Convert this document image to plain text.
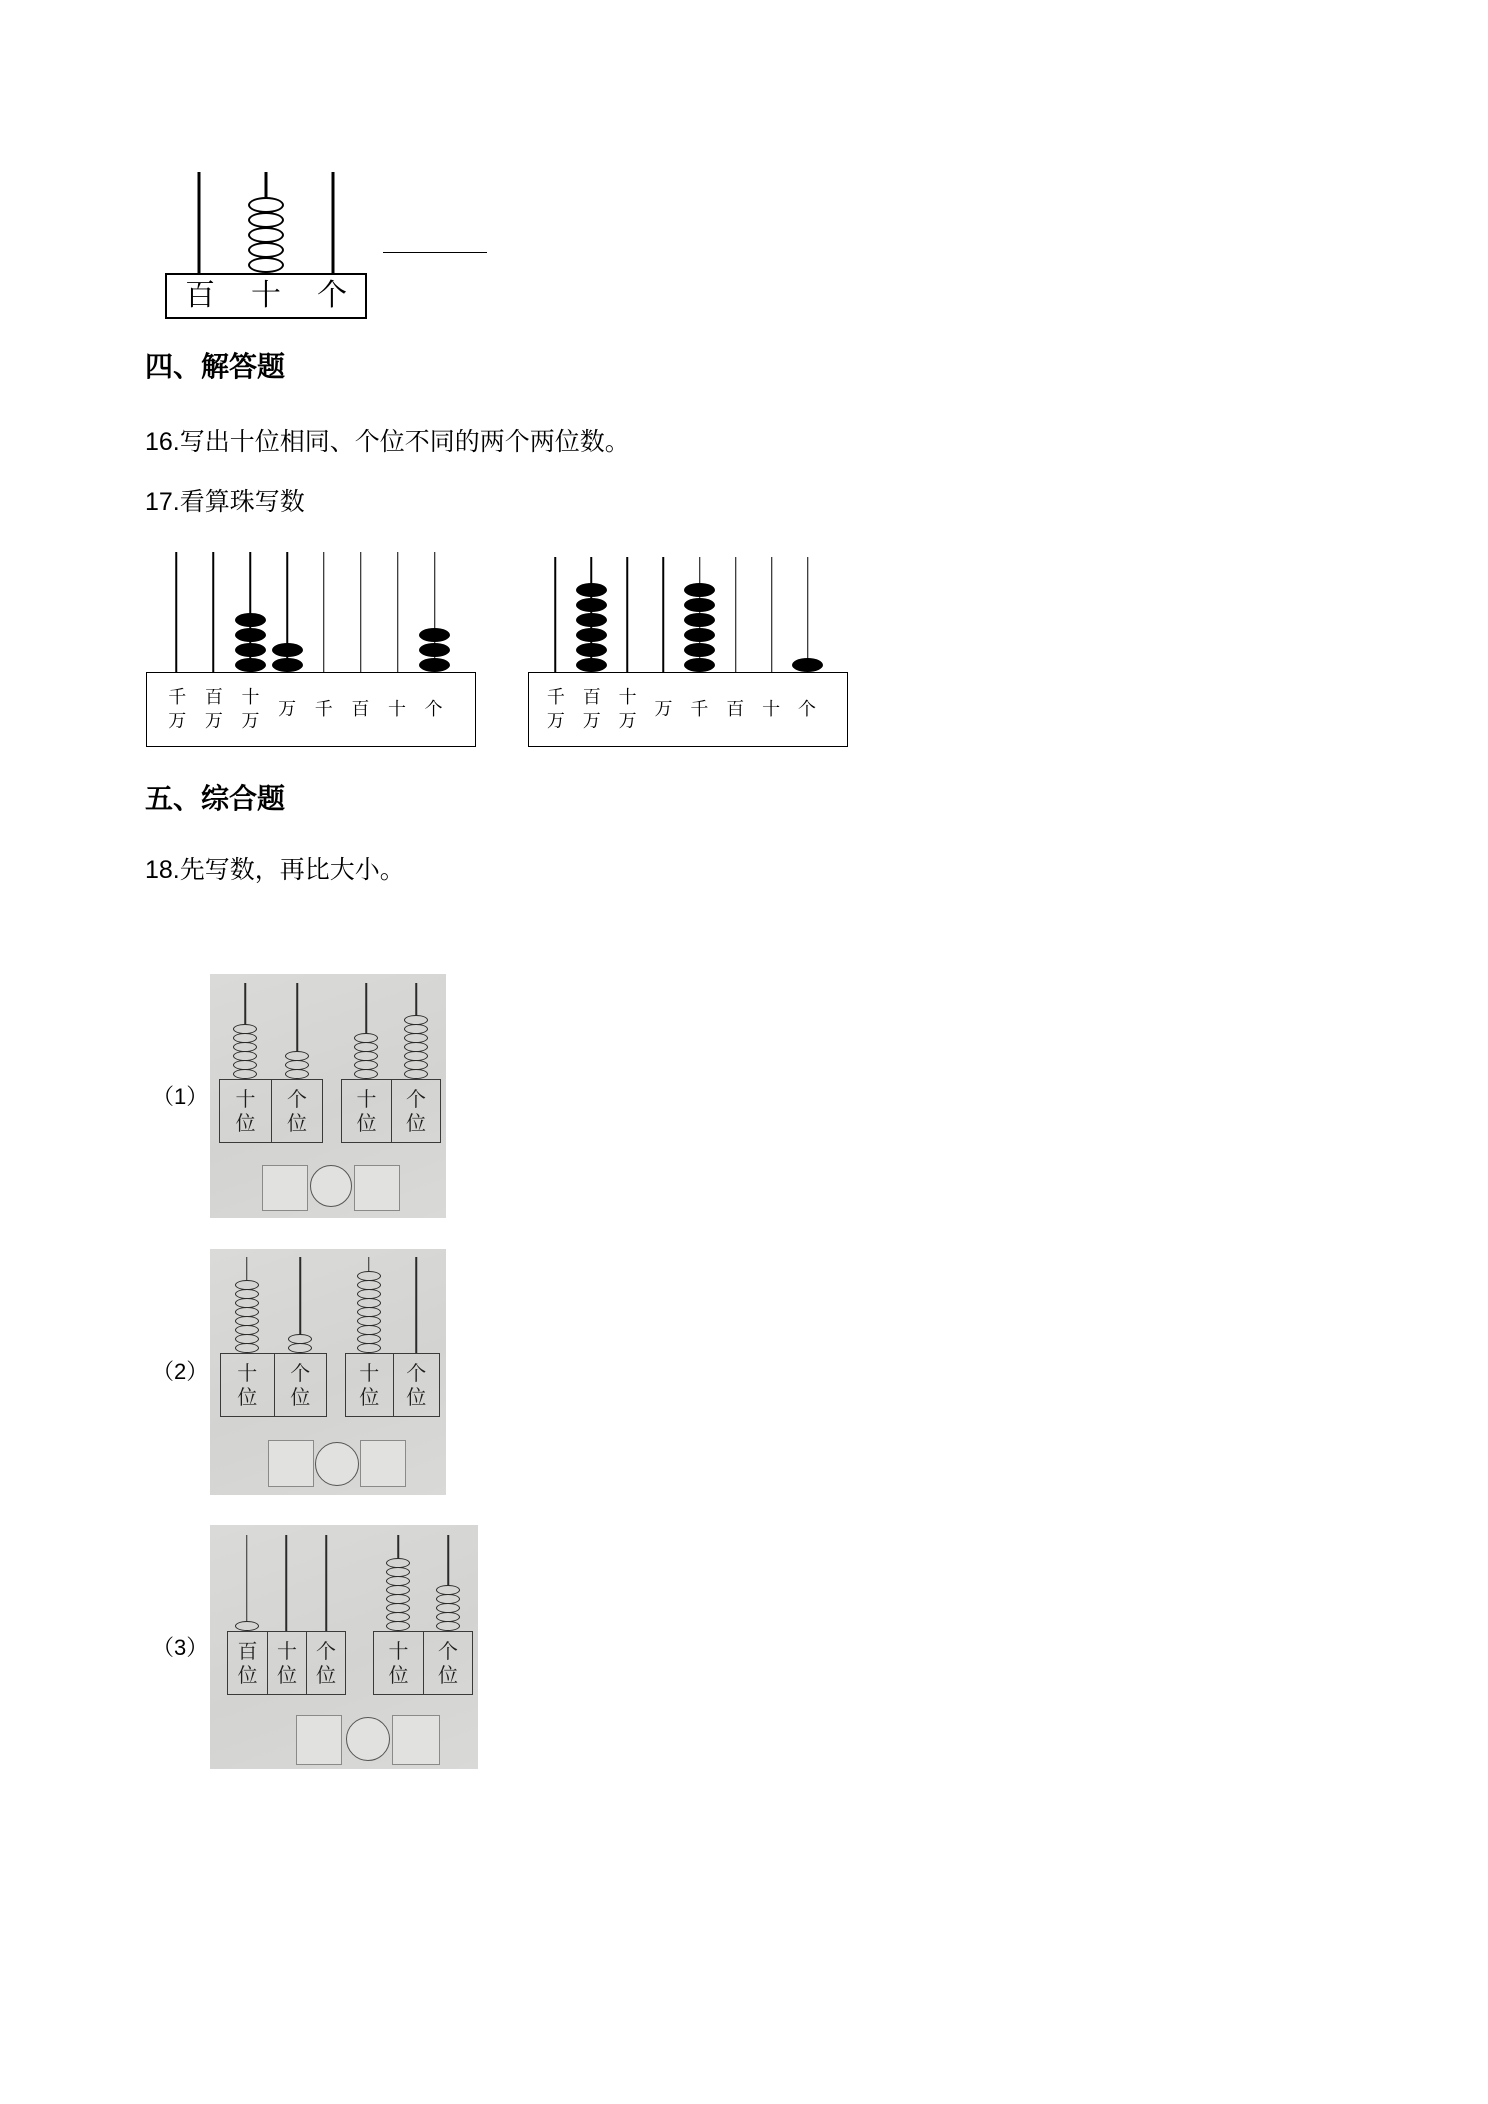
百 十 个
四、解答题
16.写出十位相同、个位不同的两个两位数。
17.看算珠写数
千万
百万
十万
万 千 百 十 个
千万
百万
十万
万 千 百 十 个
五、综合题
18.先写数，再比大小。
（1） 十位
个位
十位
个位
（2） 十位
个位
十位
个位
（3） 百位
十位
个位
十位
个位
